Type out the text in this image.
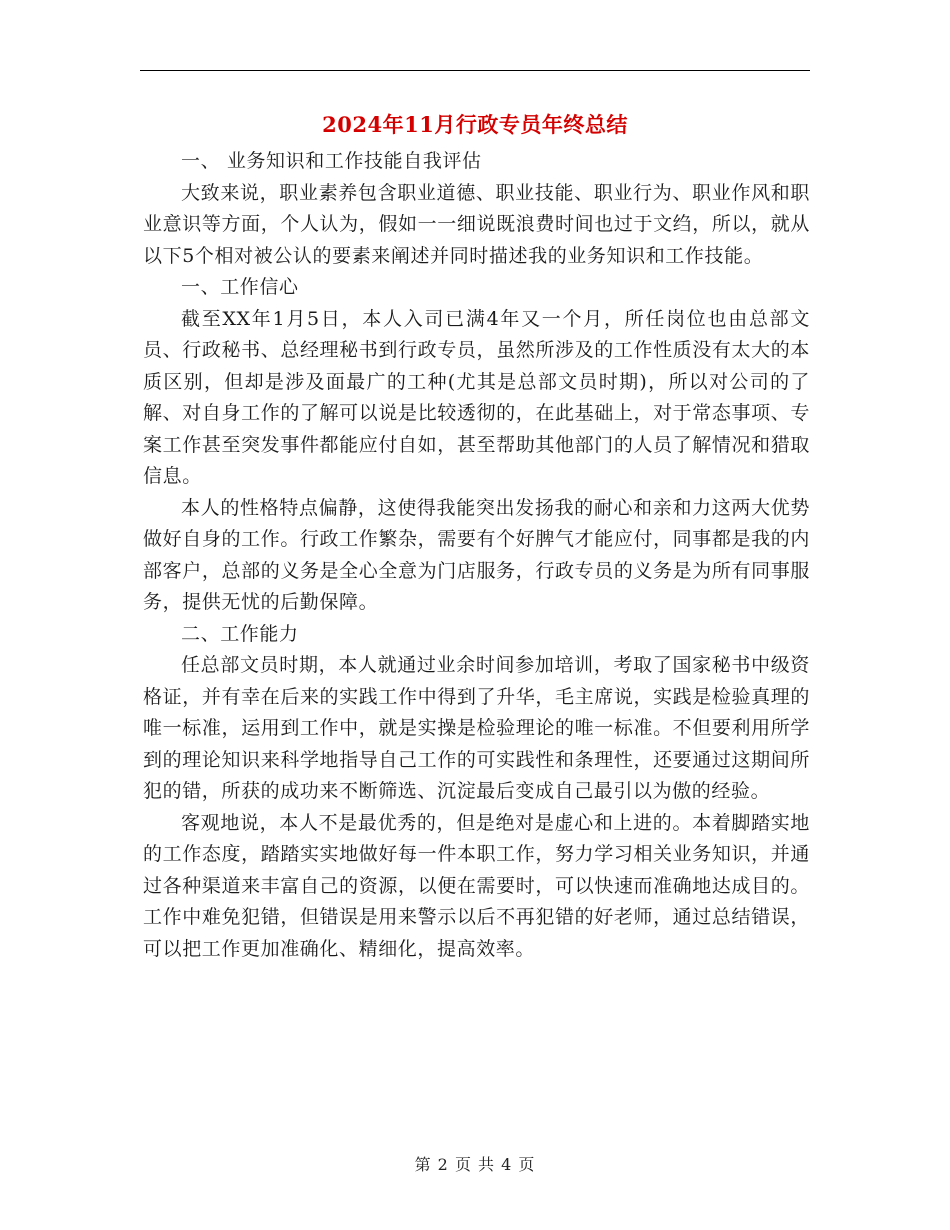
2024年11月行政专员年终总结

一、 业务知识和工作技能自我评估

大致来说，职业素养包含职业道德、职业技能、职业行为、职业作风和职业意识等方面，个人认为，假如一一细说既浪费时间也过于文绉，所以，就从以下5个相对被公认的要素来阐述并同时描述我的业务知识和工作技能。

一、工作信心

截至XX年1月5日，本人入司已满4年又一个月，所任岗位也由总部文员、行政秘书、总经理秘书到行政专员，虽然所涉及的工作性质没有太大的本质区别，但却是涉及面最广的工种(尤其是总部文员时期)，所以对公司的了解、对自身工作的了解可以说是比较透彻的，在此基础上，对于常态事项、专案工作甚至突发事件都能应付自如，甚至帮助其他部门的人员了解情况和猎取信息。

本人的性格特点偏静，这使得我能突出发扬我的耐心和亲和力这两大优势做好自身的工作。行政工作繁杂，需要有个好脾气才能应付，同事都是我的内部客户，总部的义务是全心全意为门店服务，行政专员的义务是为所有同事服务，提供无忧的后勤保障。

二、工作能力

任总部文员时期，本人就通过业余时间参加培训，考取了国家秘书中级资格证，并有幸在后来的实践工作中得到了升华，毛主席说，实践是检验真理的唯一标准，运用到工作中，就是实操是检验理论的唯一标准。不但要利用所学到的理论知识来科学地指导自己工作的可实践性和条理性，还要通过这期间所犯的错，所获的成功来不断筛选、沉淀最后变成自己最引以为傲的经验。

客观地说，本人不是最优秀的，但是绝对是虚心和上进的。本着脚踏实地的工作态度，踏踏实实地做好每一件本职工作，努力学习相关业务知识，并通过各种渠道来丰富自己的资源，以便在需要时，可以快速而准确地达成目的。工作中难免犯错，但错误是用来警示以后不再犯错的好老师，通过总结错误，可以把工作更加准确化、精细化，提高效率。

第 2 页 共 4 页
